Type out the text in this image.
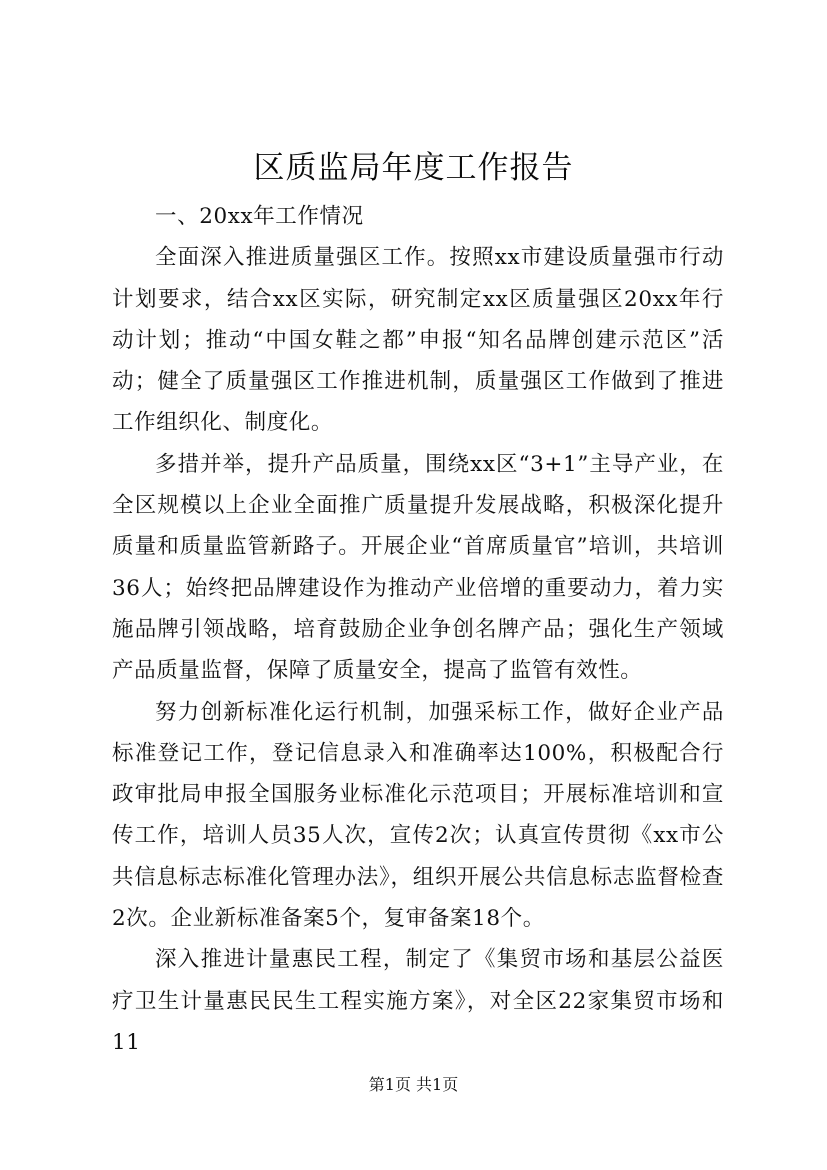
区质监局年度工作报告

一、20xx年工作情况

全面深入推进质量强区工作。按照xx市建设质量强市行动计划要求，结合xx区实际，研究制定xx区质量强区20xx年行动计划；推动“中国女鞋之都”申报“知名品牌创建示范区”活动；健全了质量强区工作推进机制，质量强区工作做到了推进工作组织化、制度化。

多措并举，提升产品质量，围绕xx区“3+1”主导产业，在全区规模以上企业全面推广质量提升发展战略，积极深化提升质量和质量监管新路子。开展企业“首席质量官”培训，共培训36人；始终把品牌建设作为推动产业倍增的重要动力，着力实施品牌引领战略，培育鼓励企业争创名牌产品；强化生产领域产品质量监督，保障了质量安全，提高了监管有效性。

努力创新标准化运行机制，加强采标工作，做好企业产品标准登记工作，登记信息录入和准确率达100%，积极配合行政审批局申报全国服务业标准化示范项目；开展标准培训和宣传工作，培训人员35人次，宣传2次；认真宣传贯彻《xx市公共信息标志标准化管理办法》，组织开展公共信息标志监督检查2次。企业新标准备案5个，复审备案18个。

深入推进计量惠民工程，制定了《集贸市场和基层公益医疗卫生计量惠民民生工程实施方案》，对全区22家集贸市场和11

第1页 共1页
